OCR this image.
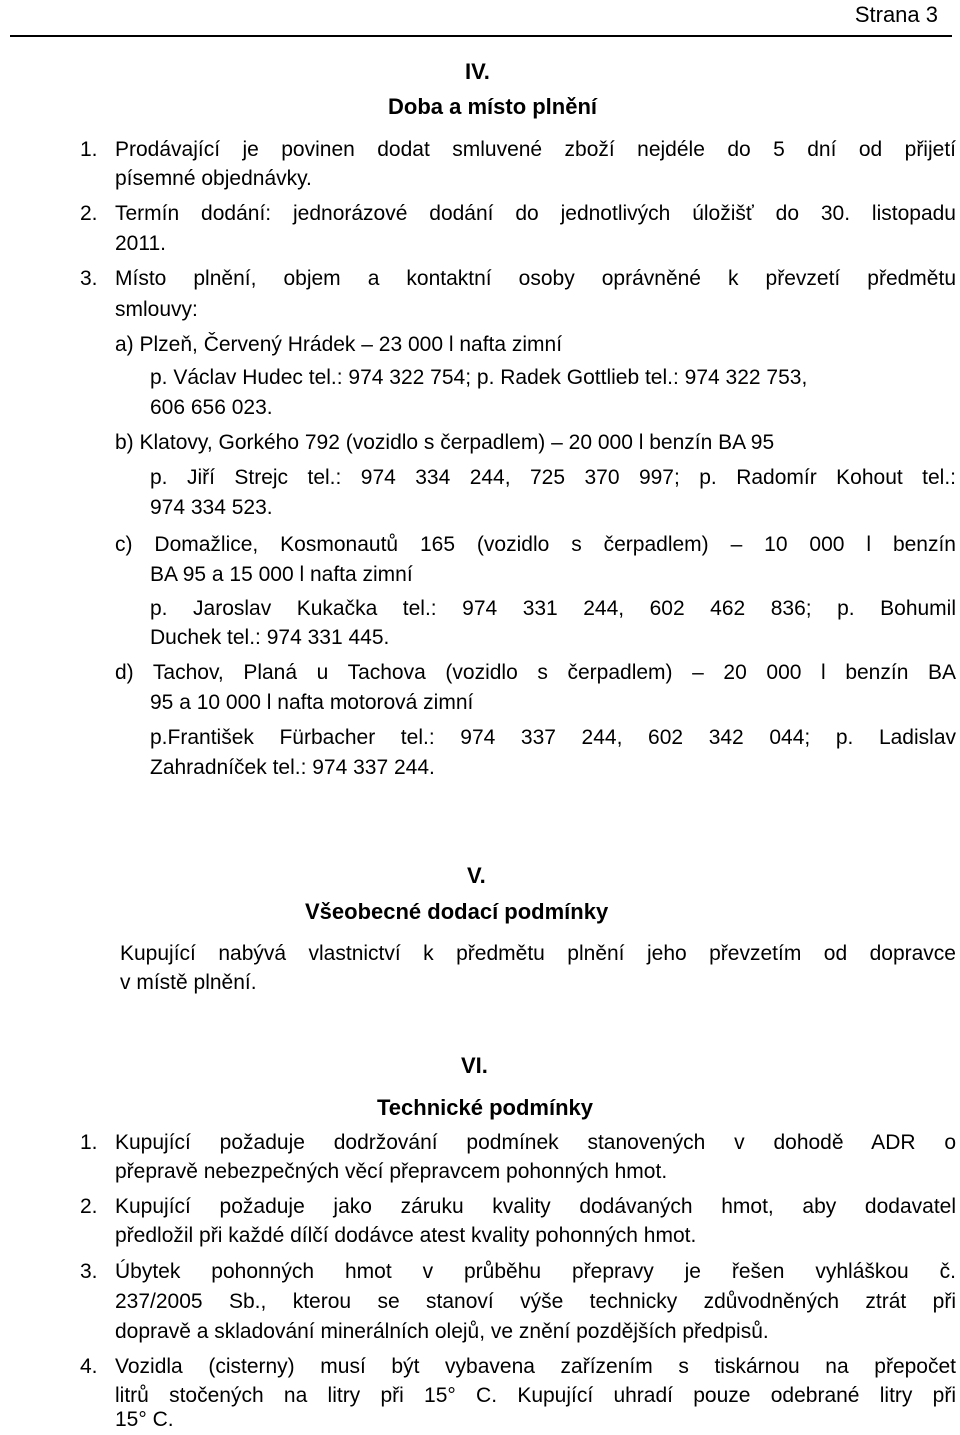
Strana 3
IV.
Doba a místo plnění
1. Prodávající je povinen dodat smluvené zboží nejdéle do 5 dní od přijetí
písemné objednávky.
2. Termín dodání: jednorázové dodání do jednotlivých úložišť do 30. listopadu
2011.
3. Místo plnění, objem a kontaktní osoby oprávněné k převzetí předmětu
smlouvy:
a) Plzeň, Červený Hrádek – 23 000 l nafta zimní
p. Václav Hudec tel.: 974 322 754; p. Radek Gottlieb tel.: 974 322 753,
606 656 023.
b) Klatovy, Gorkého 792 (vozidlo s čerpadlem) – 20 000 l benzín BA 95
p. Jiří Strejc tel.: 974 334 244, 725 370 997; p. Radomír Kohout tel.:
974 334 523.
c) Domažlice, Kosmonautů 165 (vozidlo s čerpadlem) – 10 000 l benzín
BA 95 a 15 000 l nafta zimní
p. Jaroslav Kukačka tel.: 974 331 244, 602 462 836; p. Bohumil
Duchek tel.: 974 331 445.
d) Tachov, Planá u Tachova (vozidlo s čerpadlem) – 20 000 l benzín BA
95 a 10 000 l nafta motorová zimní
p.František Fürbacher tel.: 974 337 244, 602 342 044; p. Ladislav
Zahradníček tel.: 974 337 244.
V.
Všeobecné dodací podmínky
Kupující nabývá vlastnictví k předmětu plnění jeho převzetím od dopravce
v místě plnění.
VI.
Technické podmínky
1. Kupující požaduje dodržování podmínek stanovených v dohodě ADR o
přepravě nebezpečných věcí přepravcem pohonných hmot.
2. Kupující požaduje jako záruku kvality dodávaných hmot, aby dodavatel
předložil při každé dílčí dodávce atest kvality pohonných hmot.
3. Úbytek pohonných hmot v průběhu přepravy je řešen vyhláškou č.
237/2005 Sb., kterou se stanoví výše technicky zdůvodněných ztrát při
dopravě a skladování minerálních olejů, ve znění pozdějších předpisů.
4. Vozidla (cisterny) musí být vybavena zařízením s tiskárnou na přepočet
litrů stočených na litry při 15° C. Kupující uhradí pouze odebrané litry při
15° C.
